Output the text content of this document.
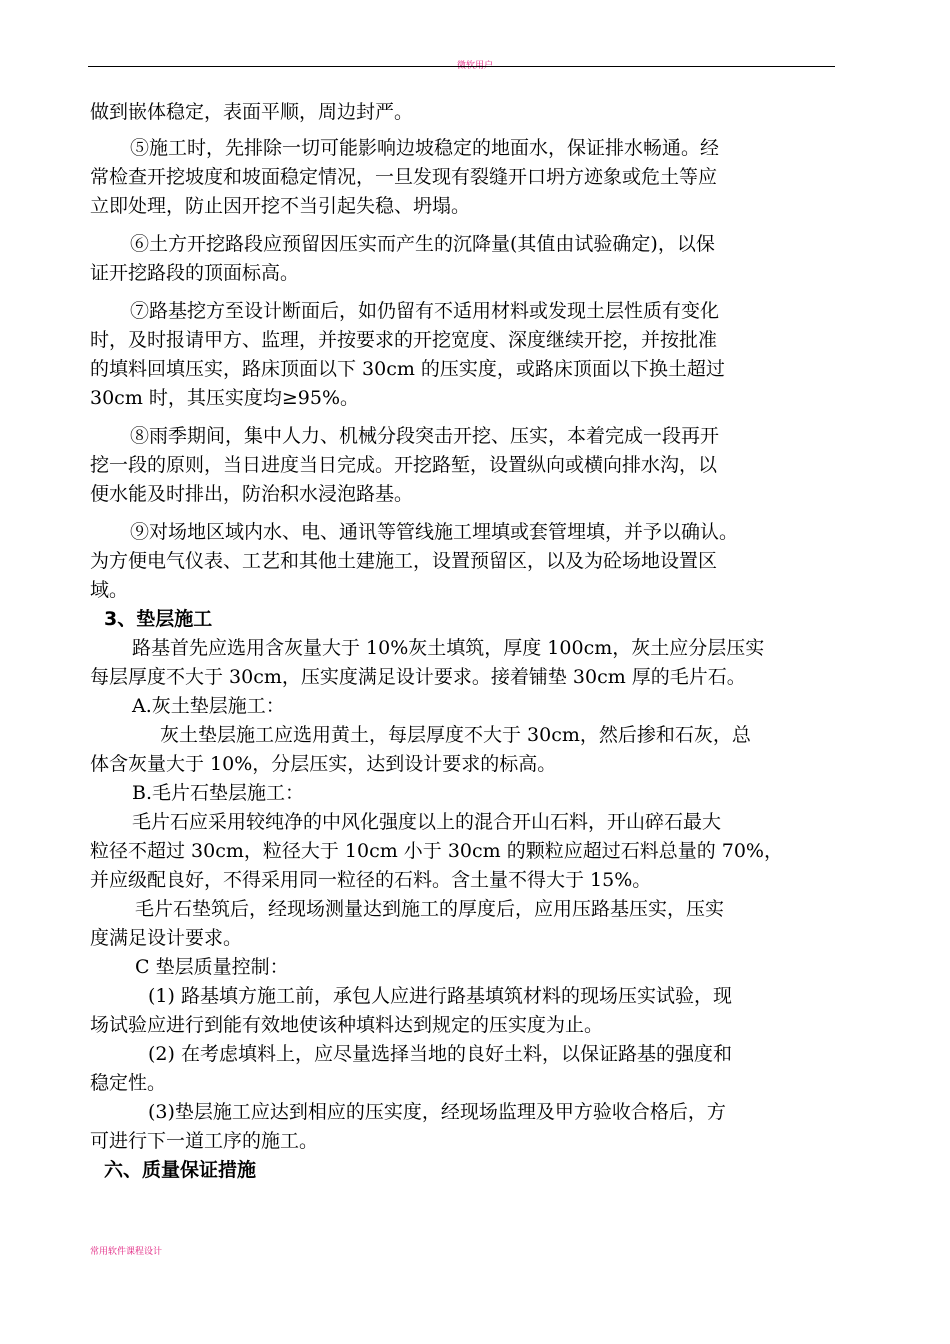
微软用户
做到嵌体稳定，表面平顺，周边封严。
⑤施工时，先排除一切可能影响边坡稳定的地面水，保证排水畅通。经
常检查开挖坡度和坡面稳定情况，一旦发现有裂缝开口坍方迹象或危土等应
立即处理，防止因开挖不当引起失稳、坍塌。
⑥土方开挖路段应预留因压实而产生的沉降量(其值由试验确定)，以保
证开挖路段的顶面标高。
⑦路基挖方至设计断面后，如仍留有不适用材料或发现土层性质有变化
时，及时报请甲方、监理，并按要求的开挖宽度、深度继续开挖，并按批准
的填料回填压实，路床顶面以下 30cm 的压实度，或路床顶面以下换土超过
30cm 时，其压实度均≥95%。
⑧雨季期间，集中人力、机械分段突击开挖、压实，本着完成一段再开
挖一段的原则，当日进度当日完成。开挖路堑，设置纵向或横向排水沟，以
便水能及时排出，防治积水浸泡路基。
⑨对场地区域内水、电、通讯等管线施工埋填或套管埋填，并予以确认。
为方便电气仪表、工艺和其他土建施工，设置预留区，以及为砼场地设置区
域。
3、垫层施工
路基首先应选用含灰量大于 10%灰土填筑，厚度 100cm，灰土应分层压实
每层厚度不大于 30cm，压实度满足设计要求。接着铺垫 30cm 厚的毛片石。
A.灰土垫层施工：
灰土垫层施工应选用黄土，每层厚度不大于 30cm，然后掺和石灰，总
体含灰量大于 10%，分层压实，达到设计要求的标高。
B.毛片石垫层施工：
毛片石应采用较纯净的中风化强度以上的混合开山石料，开山碎石最大
粒径不超过 30cm，粒径大于 10cm 小于 30cm 的颗粒应超过石料总量的 70%，
并应级配良好，不得采用同一粒径的石料。含土量不得大于 15%。
毛片石垫筑后，经现场测量达到施工的厚度后，应用压路基压实，压实
度满足设计要求。
C 垫层质量控制：
(1) 路基填方施工前，承包人应进行路基填筑材料的现场压实试验，现
场试验应进行到能有效地使该种填料达到规定的压实度为止。
(2) 在考虑填料上，应尽量选择当地的良好土料，以保证路基的强度和
稳定性。
(3)垫层施工应达到相应的压实度，经现场监理及甲方验收合格后，方
可进行下一道工序的施工。
六、质量保证措施
常用软件课程设计
